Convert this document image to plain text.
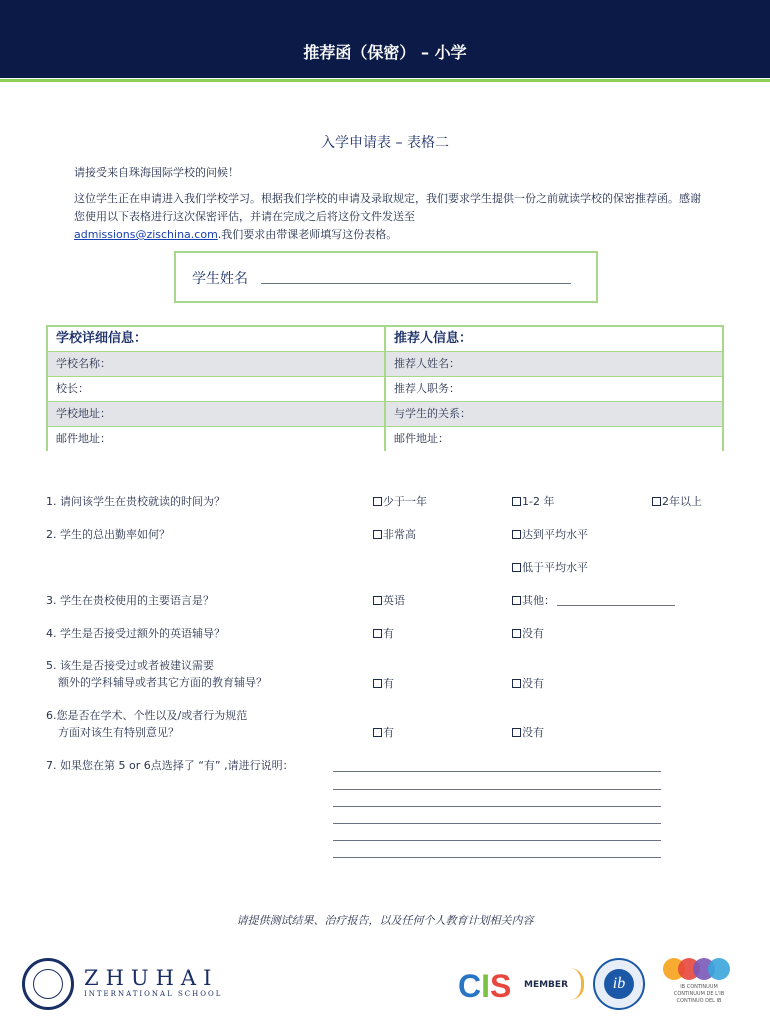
推荐函（保密） – 小学
入学申请表 – 表格二
请接受来自珠海国际学校的问候！
这位学生正在申请进入我们学校学习。根据我们学校的申请及录取规定，我们要求学生提供一份之前就读学校的保密推荐函。感谢您使用以下表格进行这次保密评估，并请在完成之后将这份文件发送至
admissions@zischina.com.我们要求由带课老师填写这份表格。
学生姓名
学校详细信息：	推荐人信息：
学校名称：	推荐人姓名：
校长：	推荐人职务：
学校地址：	与学生的关系：
邮件地址：	邮件地址：
1. 请问该学生在贵校就读的时间为？	少于一年	1-2 年	2年以上
2. 学生的总出勤率如何？	非常高	达到平均水平
低于平均水平
3. 学生在贵校使用的主要语言是？	英语	其他：
4. 学生是否接受过额外的英语辅导？	有	没有
5. 该生是否接受过或者被建议需要
额外的学科辅导或者其它方面的教育辅导？	有	没有
6.您是否在学术、个性以及/或者行为规范
方面对该生有特别意见？	有	没有
7. 如果您在第 5 or 6点选择了 “有” ,请进行说明：
请提供测试结果、治疗报告，以及任何个人教育计划相关内容
ZHUHAI
INTERNATIONAL SCHOOL	CIS MEMBER	ib	IB CONTINUUM
CONTINUUM DE L'IB
CONTINUO DEL IB
